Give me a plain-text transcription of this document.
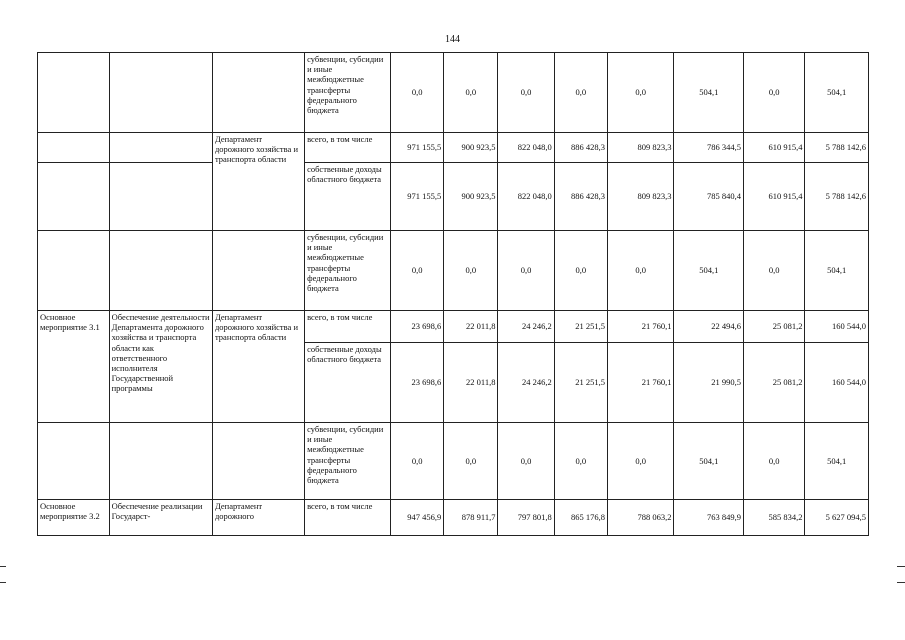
144
			субвенции, субсидии и иные межбюджетные трансферты федерального бюджета	0,0	0,0	0,0	0,0	0,0	504,1	0,0	504,1
		Департамент дорожного хозяйства и транспорта области	всего, в том числе	971 155,5	900 923,5	822 048,0	886 428,3	809 823,3	786 344,5	610 915,4	5 788 142,6
			собственные доходы областного бюджета	971 155,5	900 923,5	822 048,0	886 428,3	809 823,3	785 840,4	610 915,4	5 788 142,6
			субвенции, субсидии и иные межбюджетные трансферты федерального бюджета	0,0	0,0	0,0	0,0	0,0	504,1	0,0	504,1
Основное мероприятие 3.1	Обеспечение деятельности Департамента дорожного хозяйства и транспорта области как ответственного исполнителя Государственной программы	Департамент дорожного хозяйства и транспорта области	всего, в том числе	23 698,6	22 011,8	24 246,2	21 251,5	21 760,1	22 494,6	25 081,2	160 544,0
			собственные доходы областного бюджета	23 698,6	22 011,8	24 246,2	21 251,5	21 760,1	21 990,5	25 081,2	160 544,0
			субвенции, субсидии и иные межбюджетные трансферты федерального бюджета	0,0	0,0	0,0	0,0	0,0	504,1	0,0	504,1
Основное мероприятие 3.2	Обеспечение реализации Государст-	Департамент дорожного	всего, в том числе	947 456,9	878 911,7	797 801,8	865 176,8	788 063,2	763 849,9	585 834,2	5 627 094,5
